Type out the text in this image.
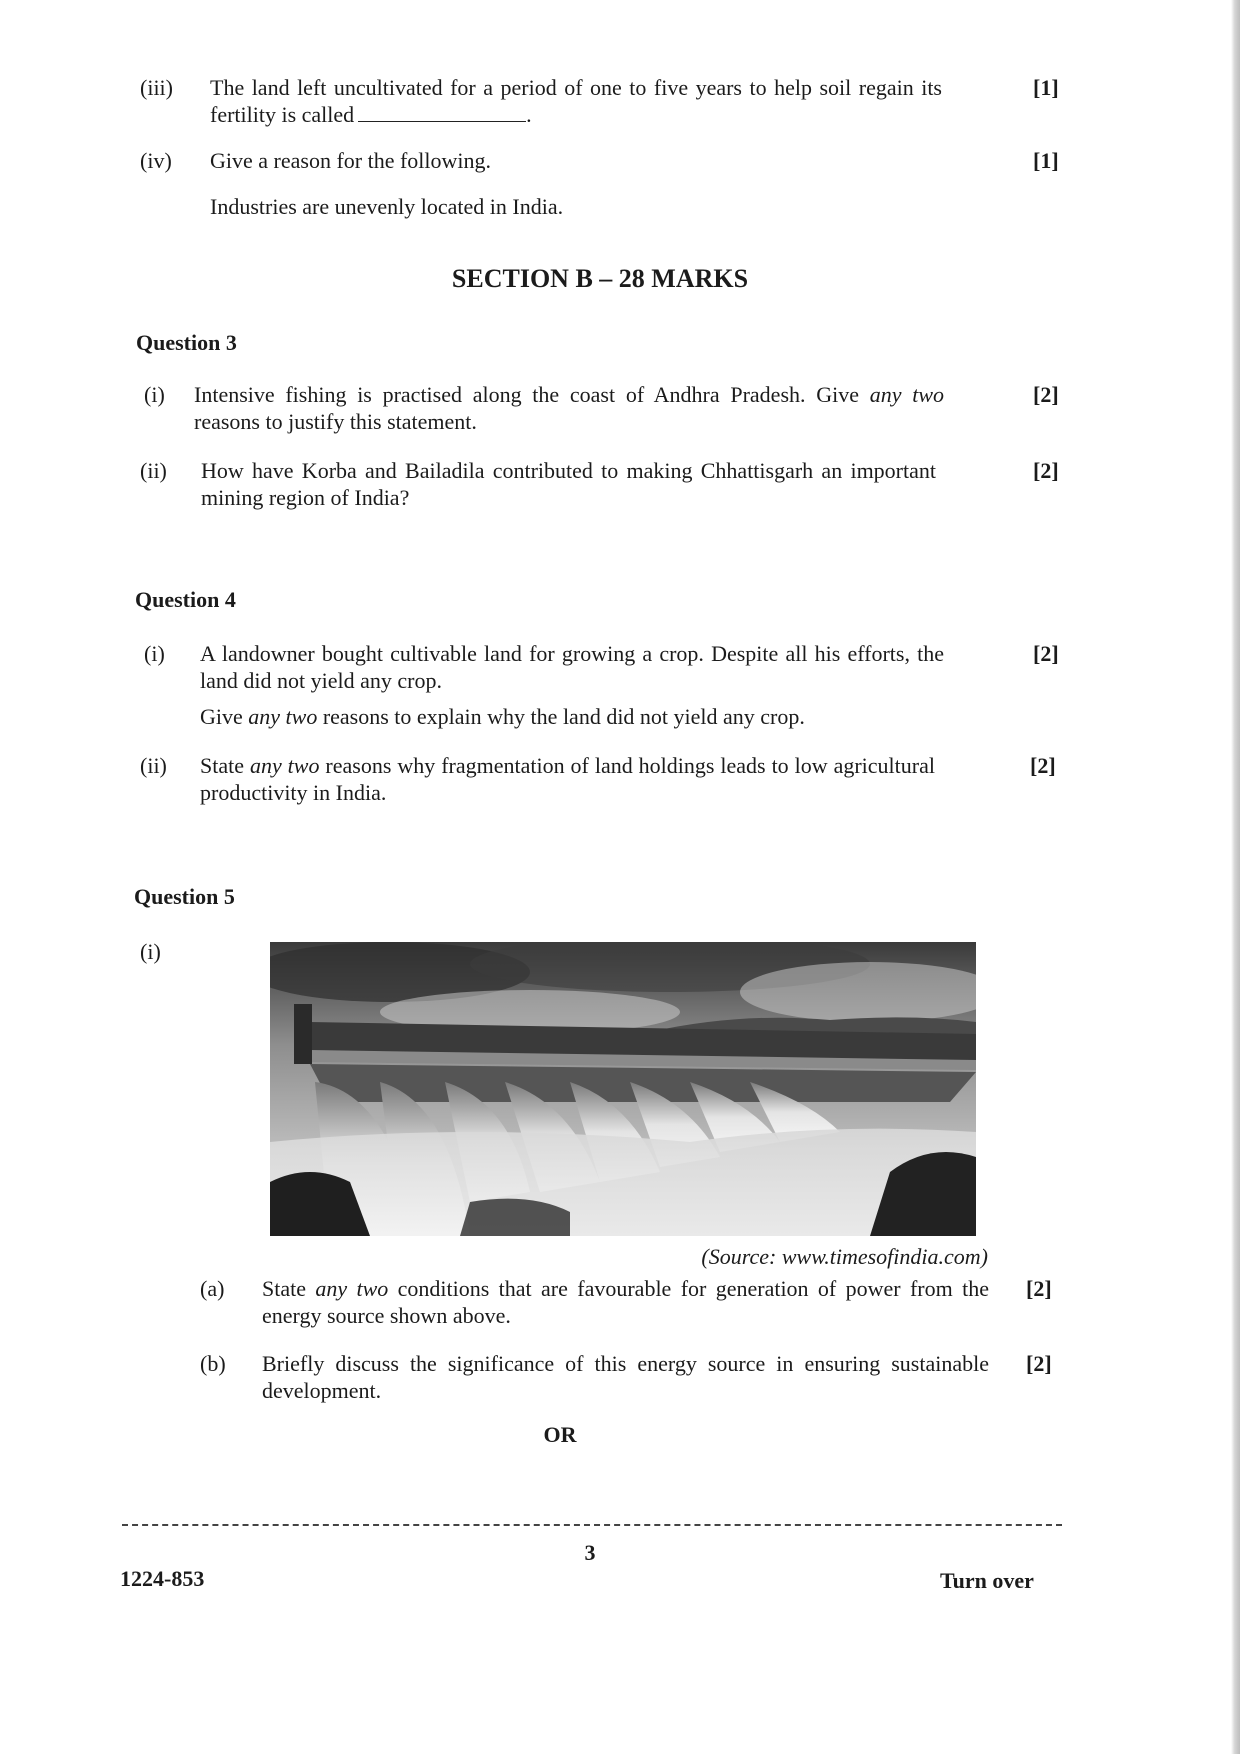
(iii) The land left uncultivated for a period of one to five years to help soil regain its fertility is called	.
[1]
(iv) Give a reason for the following.	[1]
Industries are unevenly located in India.
SECTION B – 28 MARKS
Question 3
(i) Intensive fishing is practised along the coast of Andhra Pradesh. Give any two reasons to justify this statement.
[2]
(ii) How have Korba and Bailadila contributed to making Chhattisgarh an important mining region of India?
[2]
Question 4
(i) A landowner bought cultivable land for growing a crop. Despite all his efforts, the land did not yield any crop.
[2]
Give any two reasons to explain why the land did not yield any crop.
(ii) State any two reasons why fragmentation of land holdings leads to low agricultural productivity in India.
[2]
Question 5
(i)
(Source: www.timesofindia.com)
(a) State any two conditions that are favourable for generation of power from the energy source shown above.
[2]
(b) Briefly discuss the significance of this energy source in ensuring sustainable development.
[2]
OR
3
1224-853	Turn over
